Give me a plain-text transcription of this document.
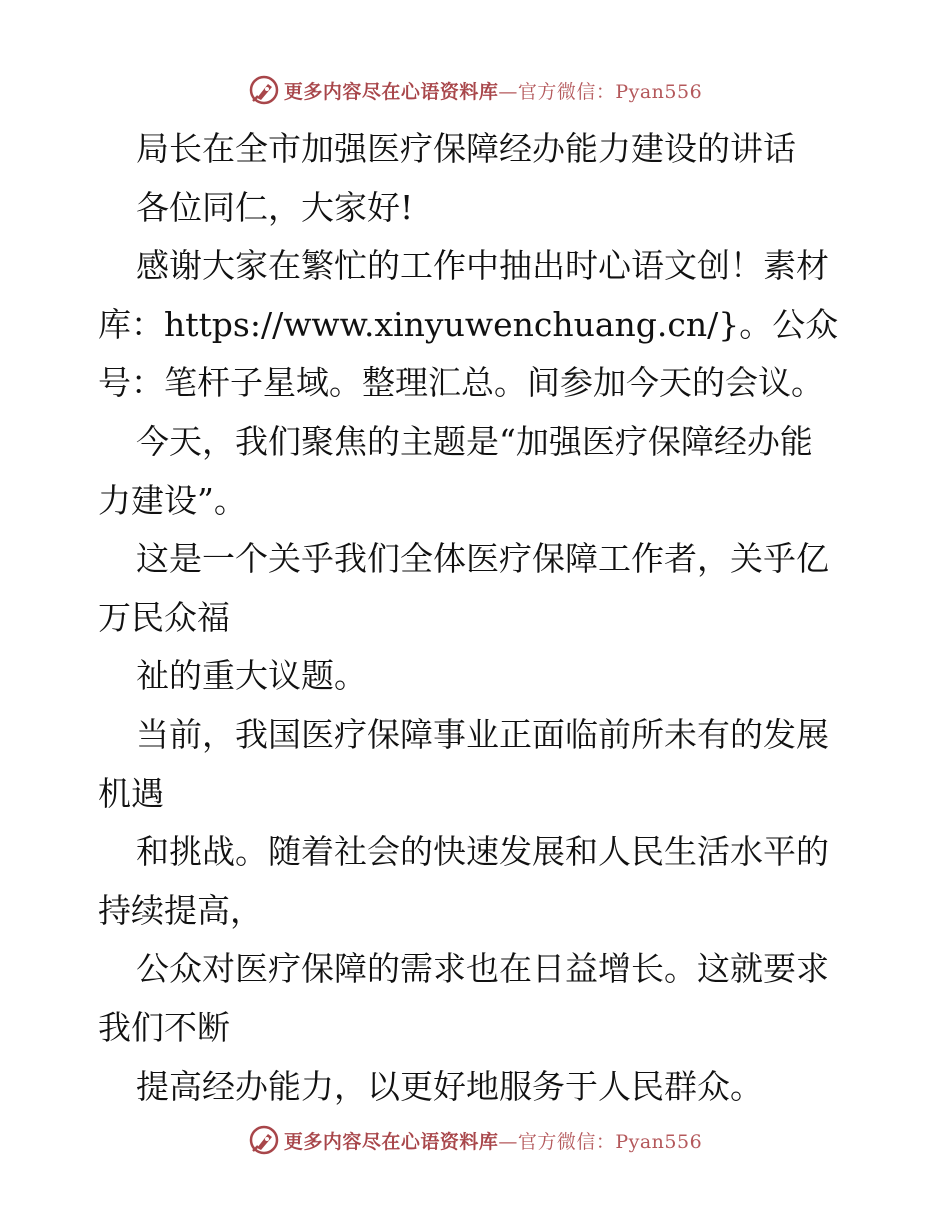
更多内容尽在心语资料库—官方微信：Pyan556

局长在全市加强医疗保障经办能力建设的讲话

各位同仁，大家好!

感谢大家在繁忙的工作中抽出时心语文创！素材

库：https://www.xinyuwenchuang.cn/}。公众

号：笔杆子星域。整理汇总。间参加今天的会议。

今天，我们聚焦的主题是“加强医疗保障经办能

力建设”。

这是一个关乎我们全体医疗保障工作者，关乎亿

万民众福

祉的重大议题。

当前，我国医疗保障事业正面临前所未有的发展

机遇

和挑战。随着社会的快速发展和人民生活水平的

持续提高，

公众对医疗保障的需求也在日益增长。这就要求

我们不断

提高经办能力，以更好地服务于人民群众。

更多内容尽在心语资料库—官方微信：Pyan556
